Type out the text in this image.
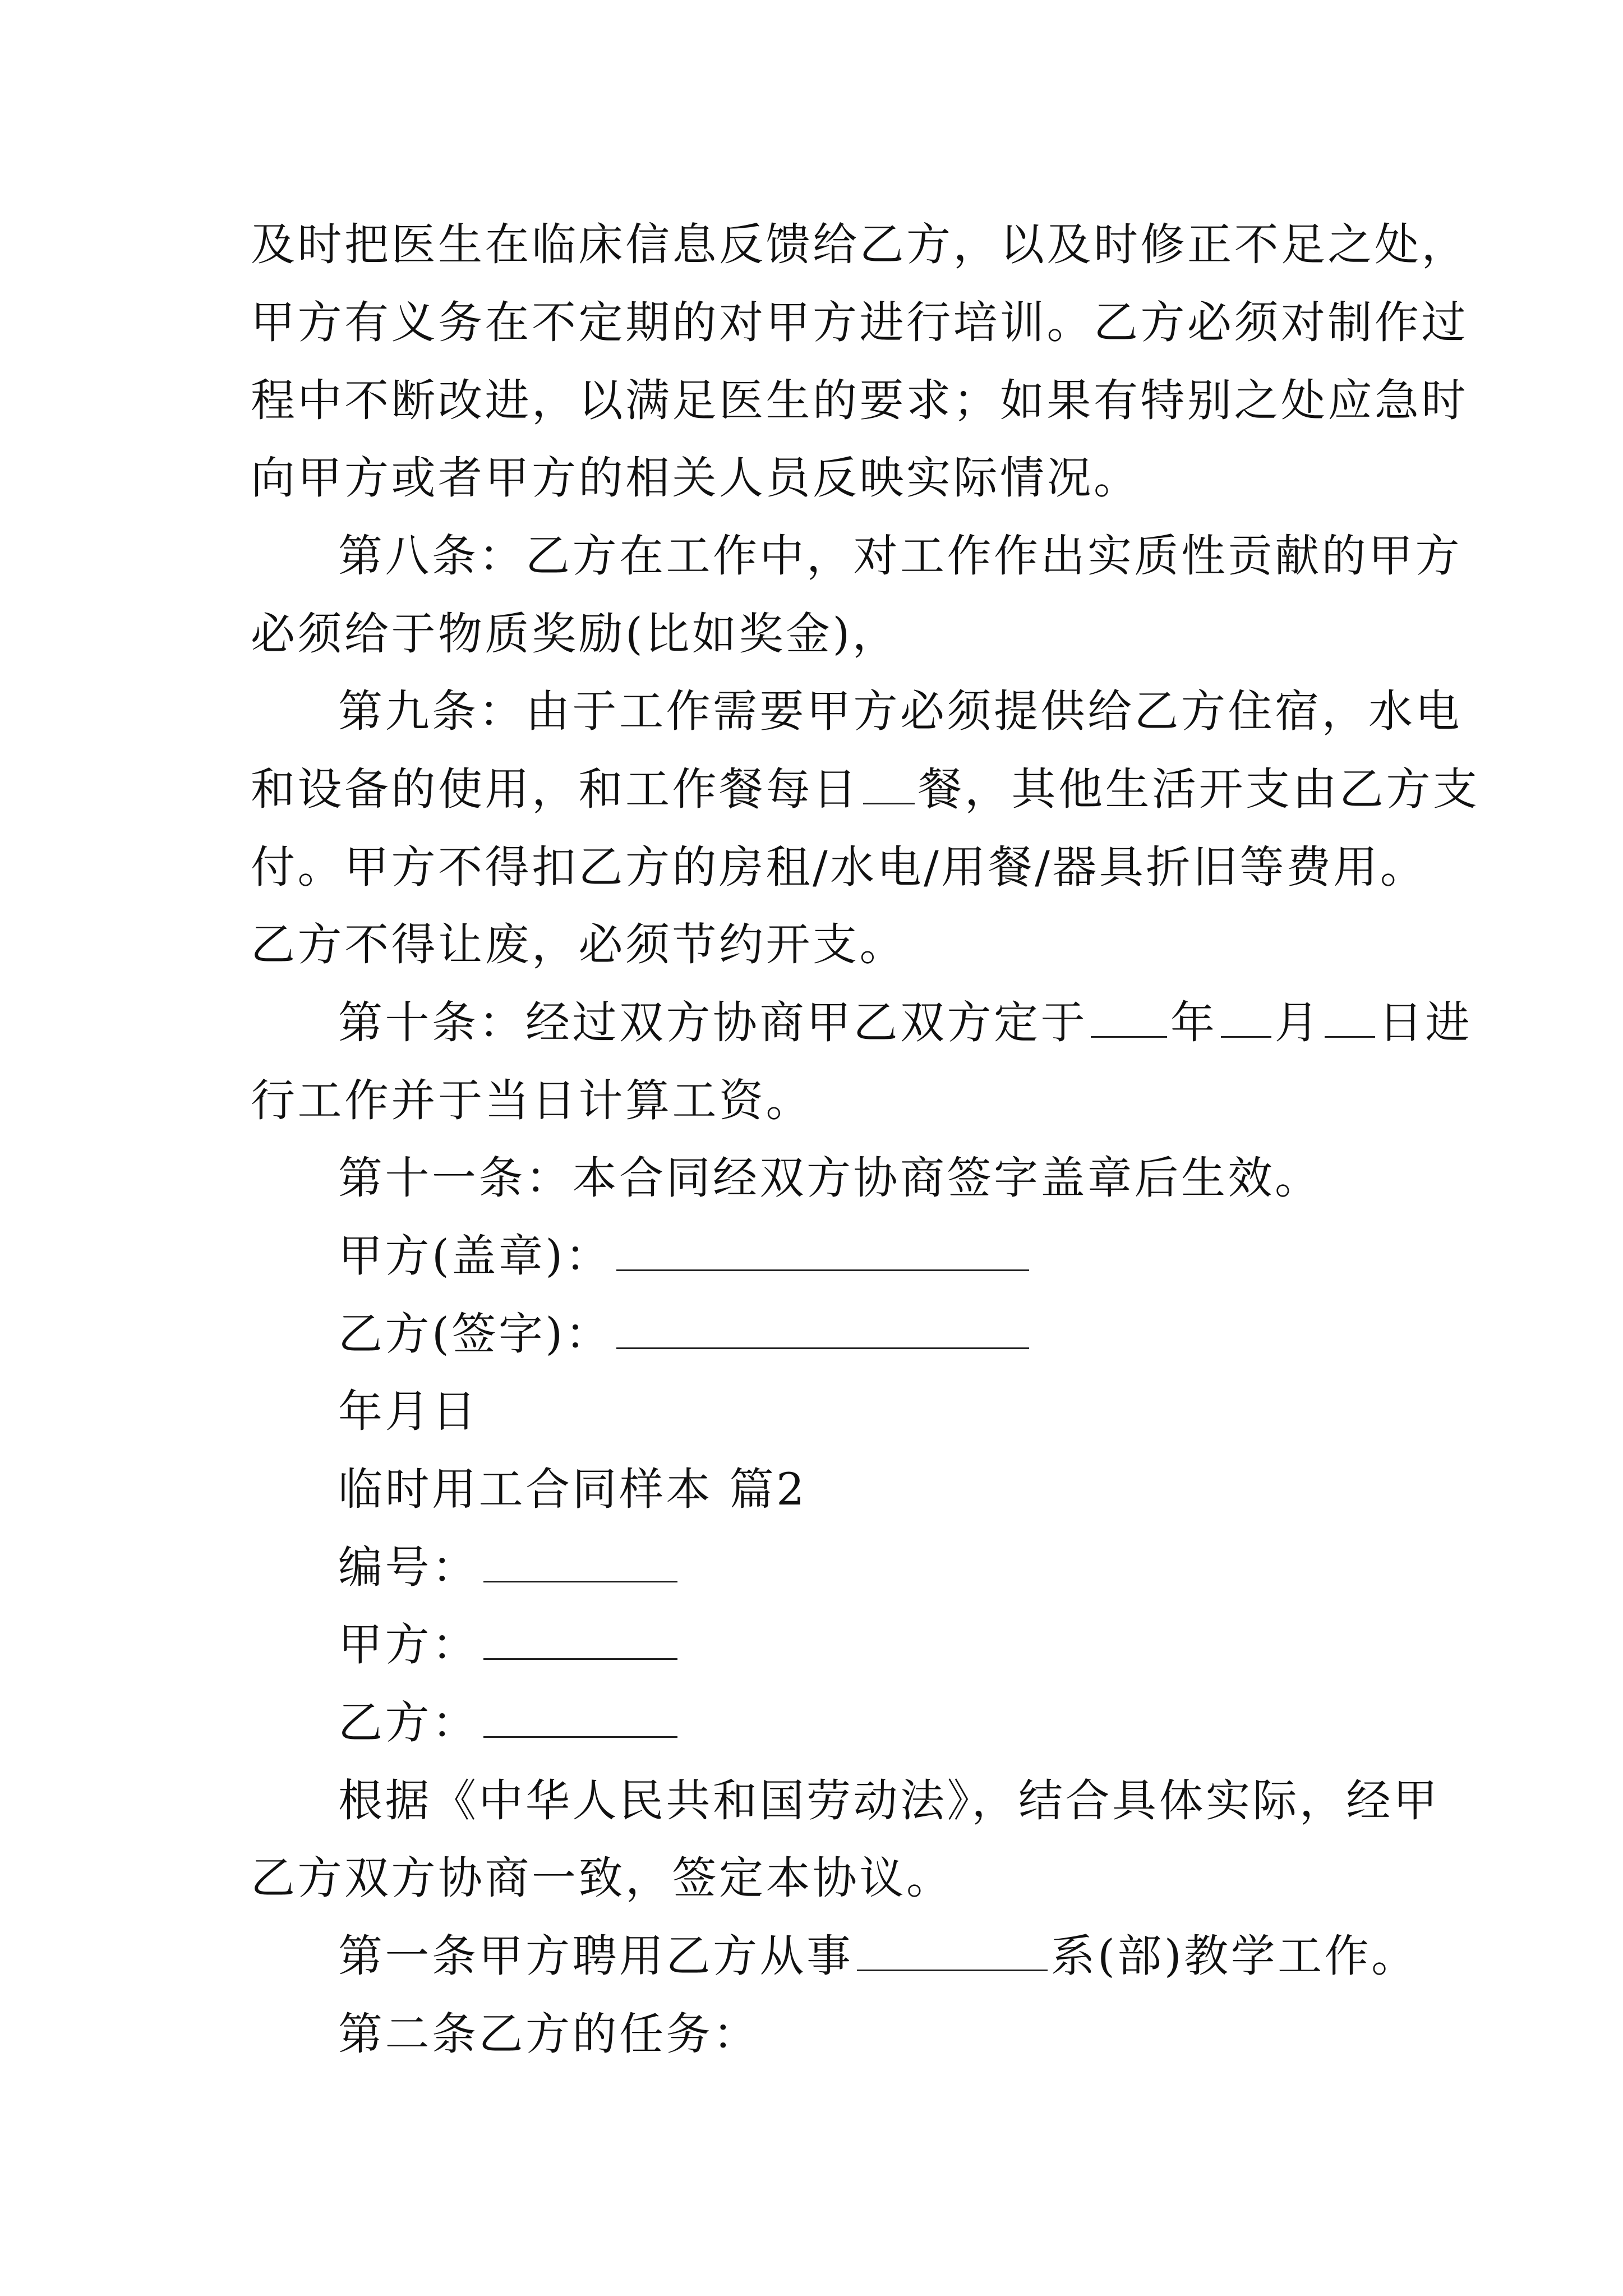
及时把医生在临床信息反馈给乙方，以及时修正不足之处，
甲方有义务在不定期的对甲方进行培训。乙方必须对制作过
程中不断改进，以满足医生的要求；如果有特别之处应急时
向甲方或者甲方的相关人员反映实际情况。
第八条：乙方在工作中，对工作作出实质性贡献的甲方
必须给于物质奖励(比如奖金)，
第九条：由于工作需要甲方必须提供给乙方住宿，水电
和设备的使用，和工作餐每日 餐，其他生活开支由乙方支
付。甲方不得扣乙方的房租/水电/用餐/器具折旧等费用。
乙方不得让废，必须节约开支。
第十条：经过双方协商甲乙双方定于 年 月 日进
行工作并于当日计算工资。
第十一条：本合同经双方协商签字盖章后生效。
甲方(盖章)：
乙方(签字)：
年月日
临时用工合同样本 篇2
编号：
甲方：
乙方：
根据《中华人民共和国劳动法》，结合具体实际，经甲
乙方双方协商一致，签定本协议。
第一条甲方聘用乙方从事	系(部)教学工作。
第二条乙方的任务：
